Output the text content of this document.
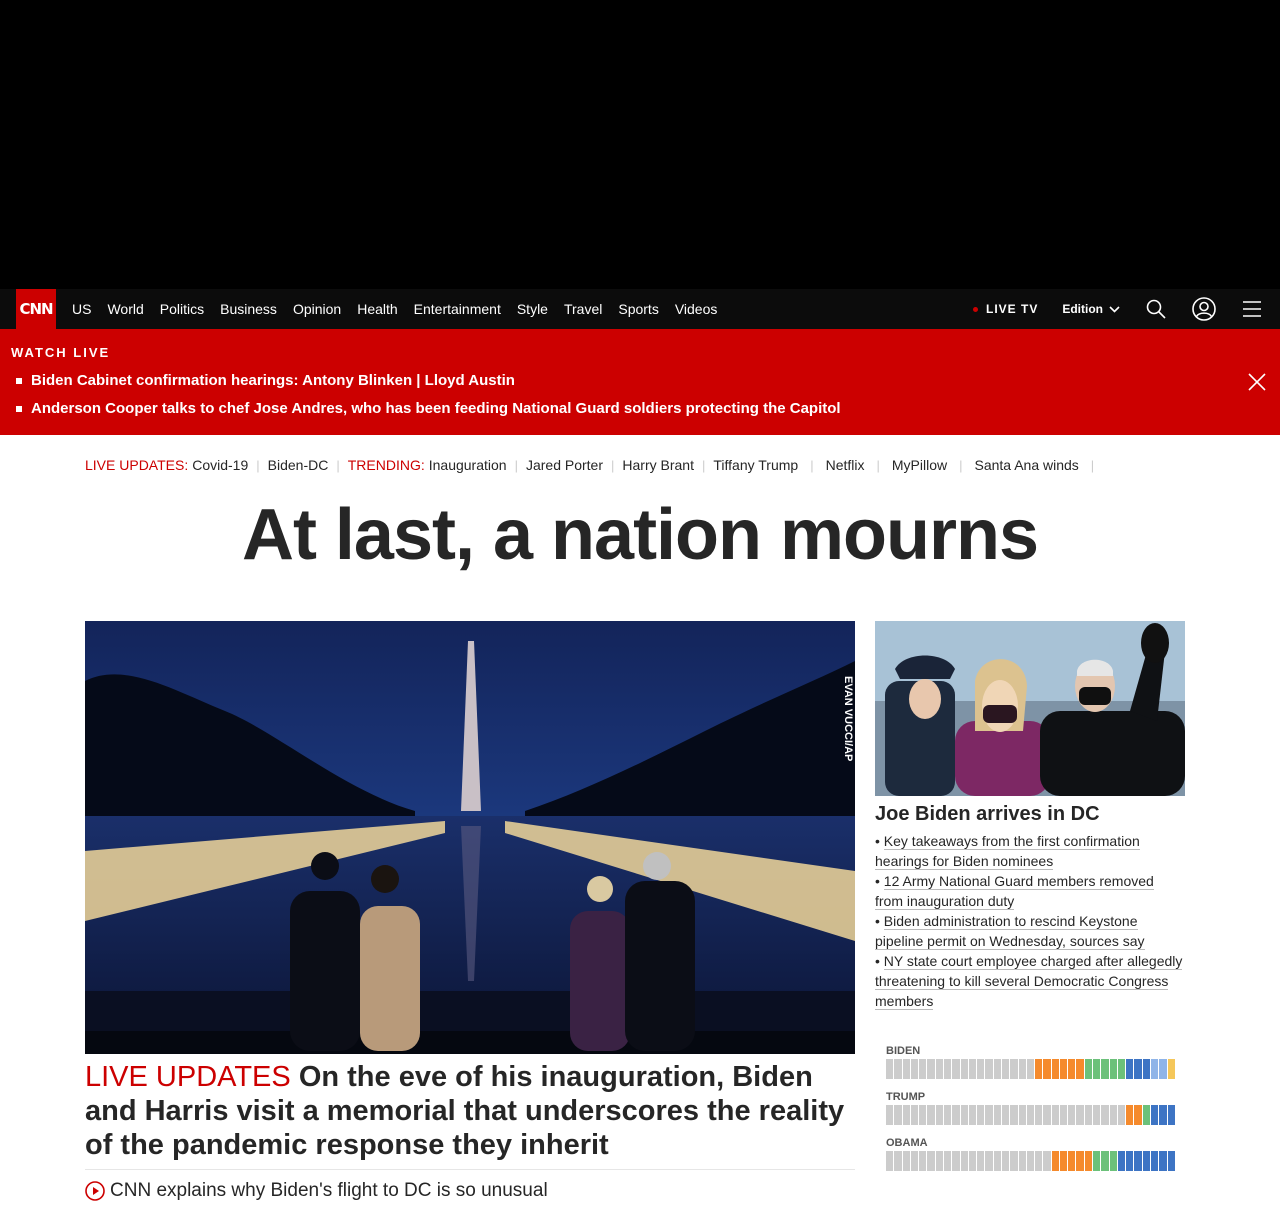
CNN US World Politics Business Opinion Health Entertainment Style Travel Sports Videos	LIVE TV Edition
WATCH LIVE
Biden Cabinet confirmation hearings: Antony Blinken | Lloyd Austin
Anderson Cooper talks to chef Jose Andres, who has been feeding National Guard soldiers protecting the Capitol
LIVE UPDATES: Covid-19 | Biden-DC | TRENDING: Inauguration | Jared Porter | Harry Brant | Tiffany Trump | Netflix | MyPillow | Santa Ana winds |
At last, a nation mourns
EVAN VUCCI/AP
LIVE UPDATES On the eve of his inauguration, Biden and Harris visit a memorial that underscores the reality of the pandemic response they inherit
CNN explains why Biden's flight to DC is so unusual
Joe Biden arrives in DC
• Key takeaways from the first confirmation hearings for Biden nominees
• 12 Army National Guard members removed from inauguration duty
• Biden administration to rescind Keystone pipeline permit on Wednesday, sources say
• NY state court employee charged after allegedly threatening to kill several Democratic Congress members
BIDEN
TRUMP
OBAMA
